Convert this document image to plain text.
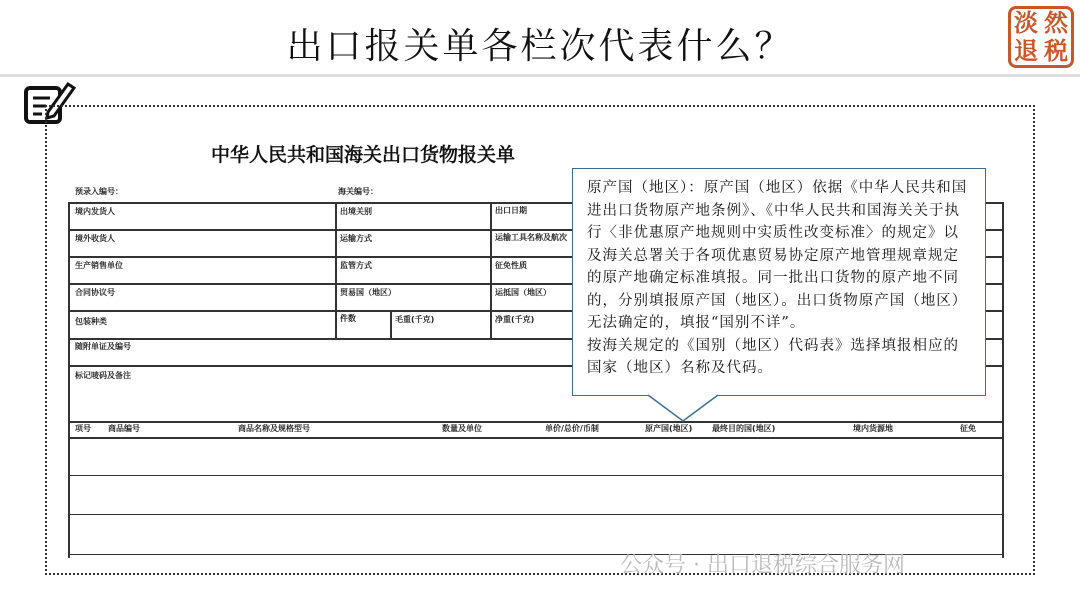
出口报关单各栏次代表什么？
淡 然
退 税
中华人民共和国海关出口货物报关单
预录入编号：	海关编号：
境内发货人	出境关别	出口日期
境外收货人	运输方式	运输工具名称及航次
生产销售单位	监管方式	征免性质
合同协议号	贸易国（地区）	运抵国（地区）
包装种类	件数	毛重(千克)	净重(千克)
随附单证及编号
标记唛码及备注
项号 商品编号	商品名称及规格型号	数量及单位	单价/总价/币制	原产国(地区) 最终目的国(地区)	境内货源地	征免

原产国（地区）：原产国（地区）依据《中华人民共和国进出口货物原产地条例》、《中华人民共和国海关关于执行〈非优惠原产地规则中实质性改变标准〉的规定》以及海关总署关于各项优惠贸易协定原产地管理规章规定的原产地确定标准填报。同一批出口货物的原产地不同的，分别填报原产国（地区）。出口货物原产国（地区）无法确定的，填报“国别不详”。

按海关规定的《国别（地区）代码表》选择填报相应的国家（地区）名称及代码。

公众号 · 出口退税综合服务网
